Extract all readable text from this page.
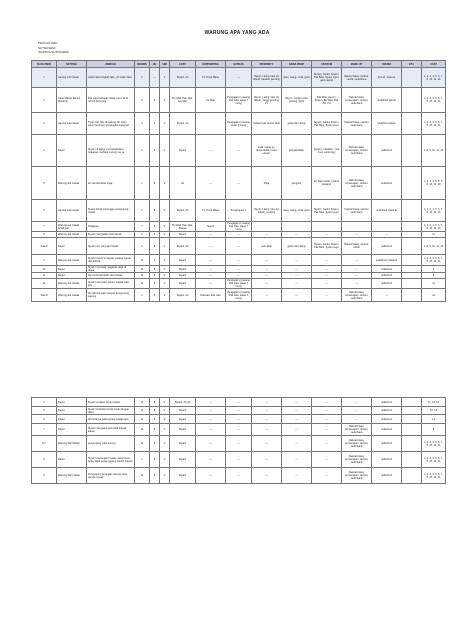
WARUNG APA YANG ADA
PROGOLOBO
SUTRASEMI
WASTRA SUTRASEMI
SUJA PIKIR	SETTING	AMBIAN	ROOMS	HK	SIM	COST	SUPPORTING	EXTRAS	PROPERTY	GRAB PROP	COSTUM	MAKE UP	SOUND	ETC	CAST
1	warung suit masak	suami dasa tingkah laku, pir tekan daun	1	—	V	Siyami, Ali	TV Omel Masa	—	Hayun, Lating, laku sin labrah, lakukan pending	Gelo, ruang, cinta, garis	Siyami, Ganbi, Sowun, Pak Bani, Syami pupu, garis Ganbi	Natural biasa, rambut, cantik, sederhana	Sound, suara ia		1, 2, 3, 4, 5, 6, 7, 8, 10, 11, 14
2	Jalan Masan Rancu, Masaruk	Pak Jala mahasan tawar susu, ali di rumah berbicara	6	5	V	Bu Wati, Pak Jala, Jan Mas	Au Wati	Pengagat ur pasang Pak Jala, paket 7 meng	Hayun, Lating, laku sin labrah, tanggi pending 21	Hayun, rumah motor pasang, fetok	Pak Wati, Geuen, Sowun, Bu Wati, Pak Ari, Yai	Natural biasa, berseragam, rambut sederhana	undefined perulo		1, 2, 3, 4, 5, 6, 7, 8, 10, 11, 14
3	warung suit masak	Tiyap mal, bau di warung, ali, kami seleh bersinar mengangkat makanan	4	2	V	Siyami, Ali		Pengagat ur pasang paket 7 meng	Gelas/meja, lemas, lauk	gelas dari ulong	Siyami, Ganbi, Sowun, Pak Bani, Syami pupu	Natural biasa, rambut sederhana	undefined paran		1, 2, 3, 4, 5, 6, 7, 8, 10, 11, 14
4	Dapur	Siyami di dapur mencekakelana makanan, berbuat muturg ma ya	1	2	V	Siyami	—	—	Gubi, ruang an, lampu/adan, ruwet ukuran	pengambalan	Siyami, makahan, mud mud, celuk pagi	Natural biasa, berseragam, rambut sederhana	undefined		1, 8, 9, 10, 11, 14
5	Warung suit masak	ali membersikan meja	1	8	V	Ali	—	—	Meja	pengotor	ali, baju bebas, celana panjang	Natural biasa, berseragam, rambut sederhana	undefined		1, 2, 3, 4, 5, 6, 7, 8, 10, 11, 14
6	warung suit masak	Suami bebat menunggu pengunjung masuk	1	8	V	Siyami, Ali	TV Omel Masa	Pengunjung 1	Hayun, Lating, laku sin labrah, pending	Gelo, ruang, cinta, garis	Siyami, Ganbi, Sowun, Pak Bani, Syami pupu	Natural biasa, rambut sederhana	undefined saara ia		1, 2, 3, 4, 5, 6, 7, 8, 10, 11, 14
7	Warung suit masak lahab ipar	Pelajaran	7	8	V	Bu Wati, Pak Jala, Ahama	Suami	Pengagat ur pasang Pak Jala, paket 7 meng							1, 2, 3, 4, 5, 6, 7, 8, 10, 11, 14
8	Warung suit masak	Siyami mengasah pasir kamai	1	8	V	Siyami	—	—	—	—	—	—	—		11
Sola 9	Dapur	Siyami con yang jari masak	1	8	V	Siyami, Ali	—	—	Lazi adap	gelas dan ulong	Siyami, Ganbi, Sowun, Pak Bani, Syami pupu	Natural biasa, rambut, cantik	undefined		1, 8, 9, 10, 11, 14
9	Warung suit masak	Siyami menemu laguan, pulang operai dan saknal	11	2	V	Siyami	—	—	—	—	—	—	undefined masaput		1, 2, 3, 4, 5, 6, 7, 8, 10, 11, 14
10	Dapur	Siyami menawar megabal caiga di dapur	11	8	V	Siyami	—	—	—	—	—	—	undefined		2
11	Dapur	Fa membual tubah saat masak	11	9	V	Siyami	—	—	—	—	—	—	undefined		8
12	Warung suit masak	Siyami menyoleh pekan, masak saat jam	11	8	V	Siyami	—	Pengagat ur pasang Pak Jala, paket 7 meng	—	—	—	—	undefined		11
Sola 8	Warung suit masak	Ali selemat saat manyan pengunjung warung	1	8	V	Siyami, Ali	Delavan, Pak Jala	Pengagat ur pasang Pak Jala, paket 7 meng	—	—	—	Natural biasa, berseragam, rambut sederhana	—		11
4	Dapur	Siyami emasan pesan kapan	11	8	V	Siyami, Ali, Ali	—	—	—	—	—	—	undefined		11, 14, 16
5	Dapur	Siyami berbelan bisnis nasta dengan daun	11	8	V	Siyami	—	—	—	—	—	—	undefined		12, 14
6	Dapur	Ali bertanya pada siyami tenaga apa	11	8	V	Siyami	—	—	—	—	—	—	undefined		14
7	Dapur	Siyami mengaput pelu saat masak kapan	11	8	V	Siyami	—	—	—	—	—	Natural biasa, berseragam, rambut sederhana	undefined		8
8-7	Warung Suit Masak	pengunjung suka tarumg	11	8	V	Siyami	—	—	—	—	—	Natural biasa, berseragam, rambut sederhana	undefined		1, 2, 3, 4, 5, 6, 7, 8, 10, 11, 14
8	Dapur	Siyami menangani malam suka harus bebo, tasal pesan gerang sambil masak	1	8	V	Siyami	—	—	—	—	—	Natural biasa, berseragam, rambut sederhana	undefined		1, 2, 3, 4, 5, 6, 7, 8, 10, 11, 14
9	Warung Suit masak	Pengunjung berargak warung suka semba masak	11	8	V	Siyami	—	—	—	—	—	Natural biasa, berseragam, rambut sederhana	undefined		1, 2, 3, 4, 5, 6, 7, 8, 10, 11, 14
